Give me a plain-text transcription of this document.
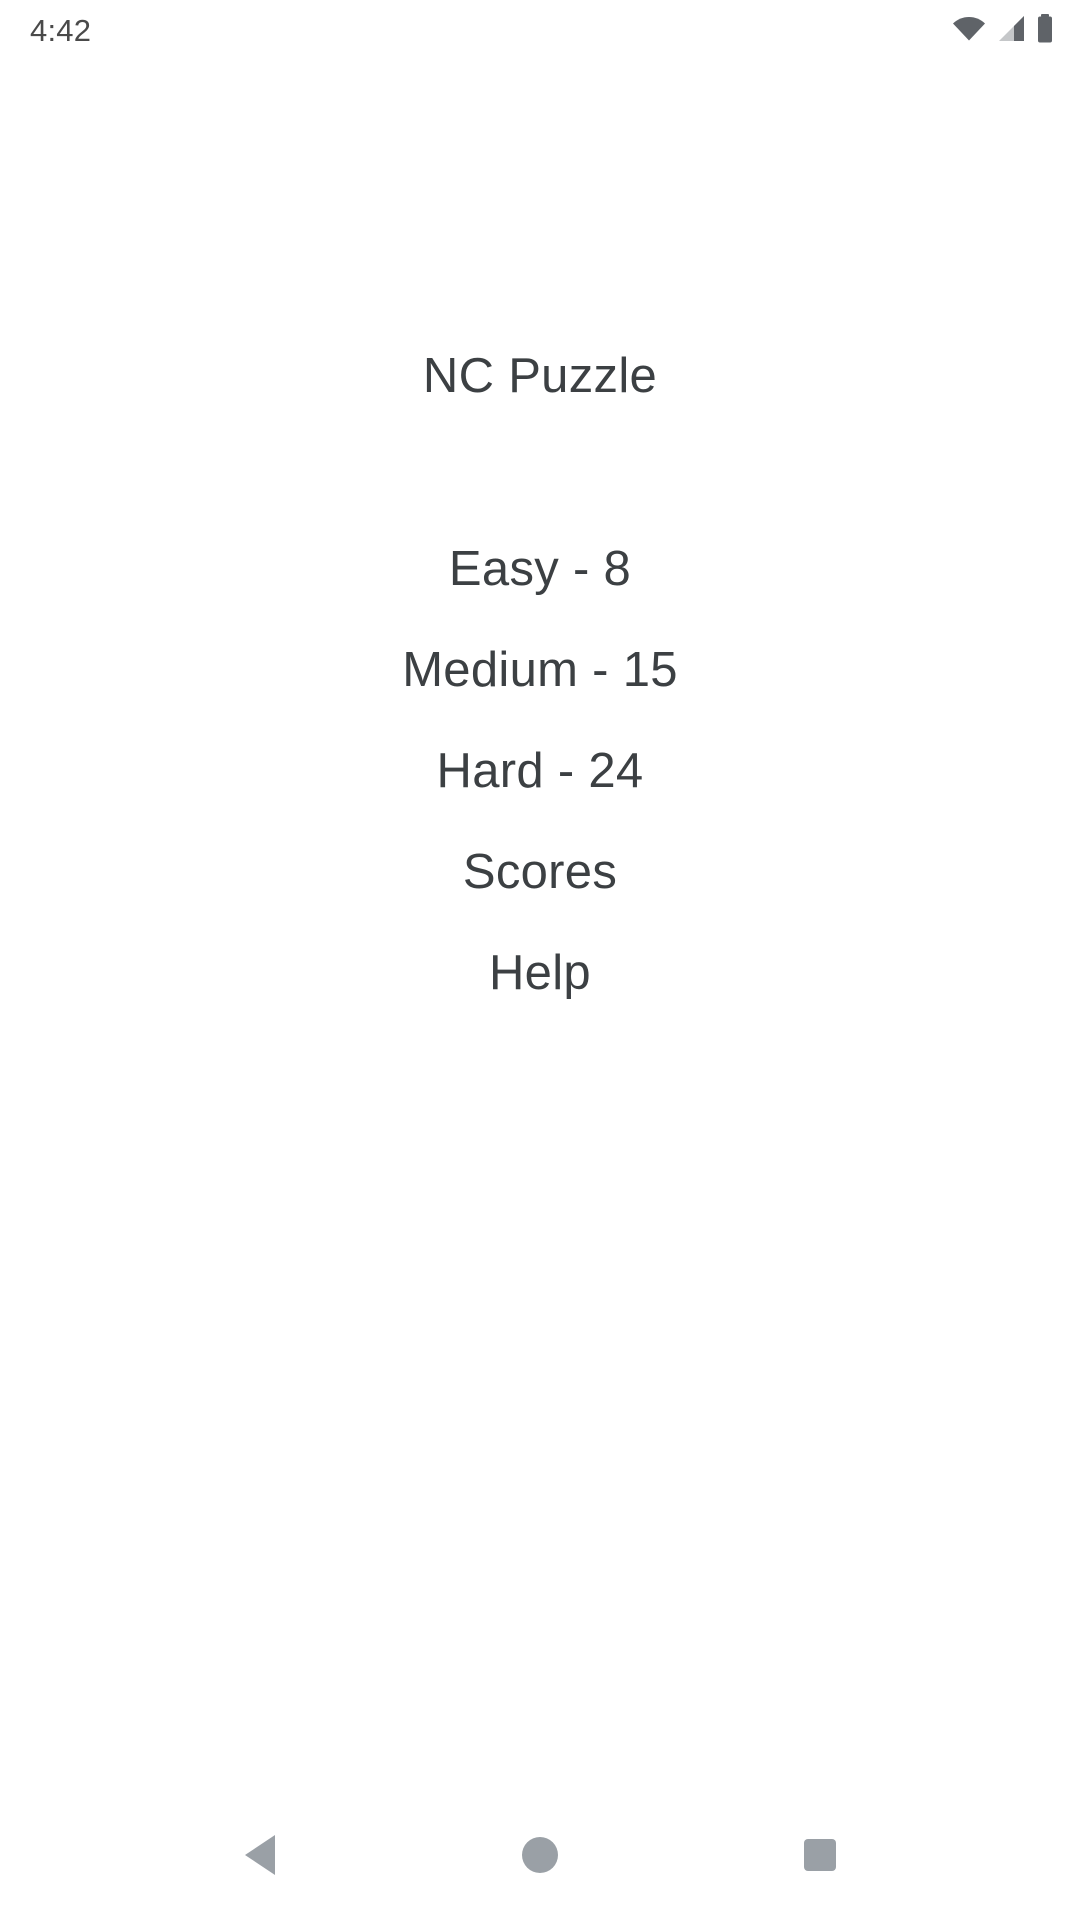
4:42
NC Puzzle
Easy - 8
Medium - 15
Hard - 24
Scores
Help
